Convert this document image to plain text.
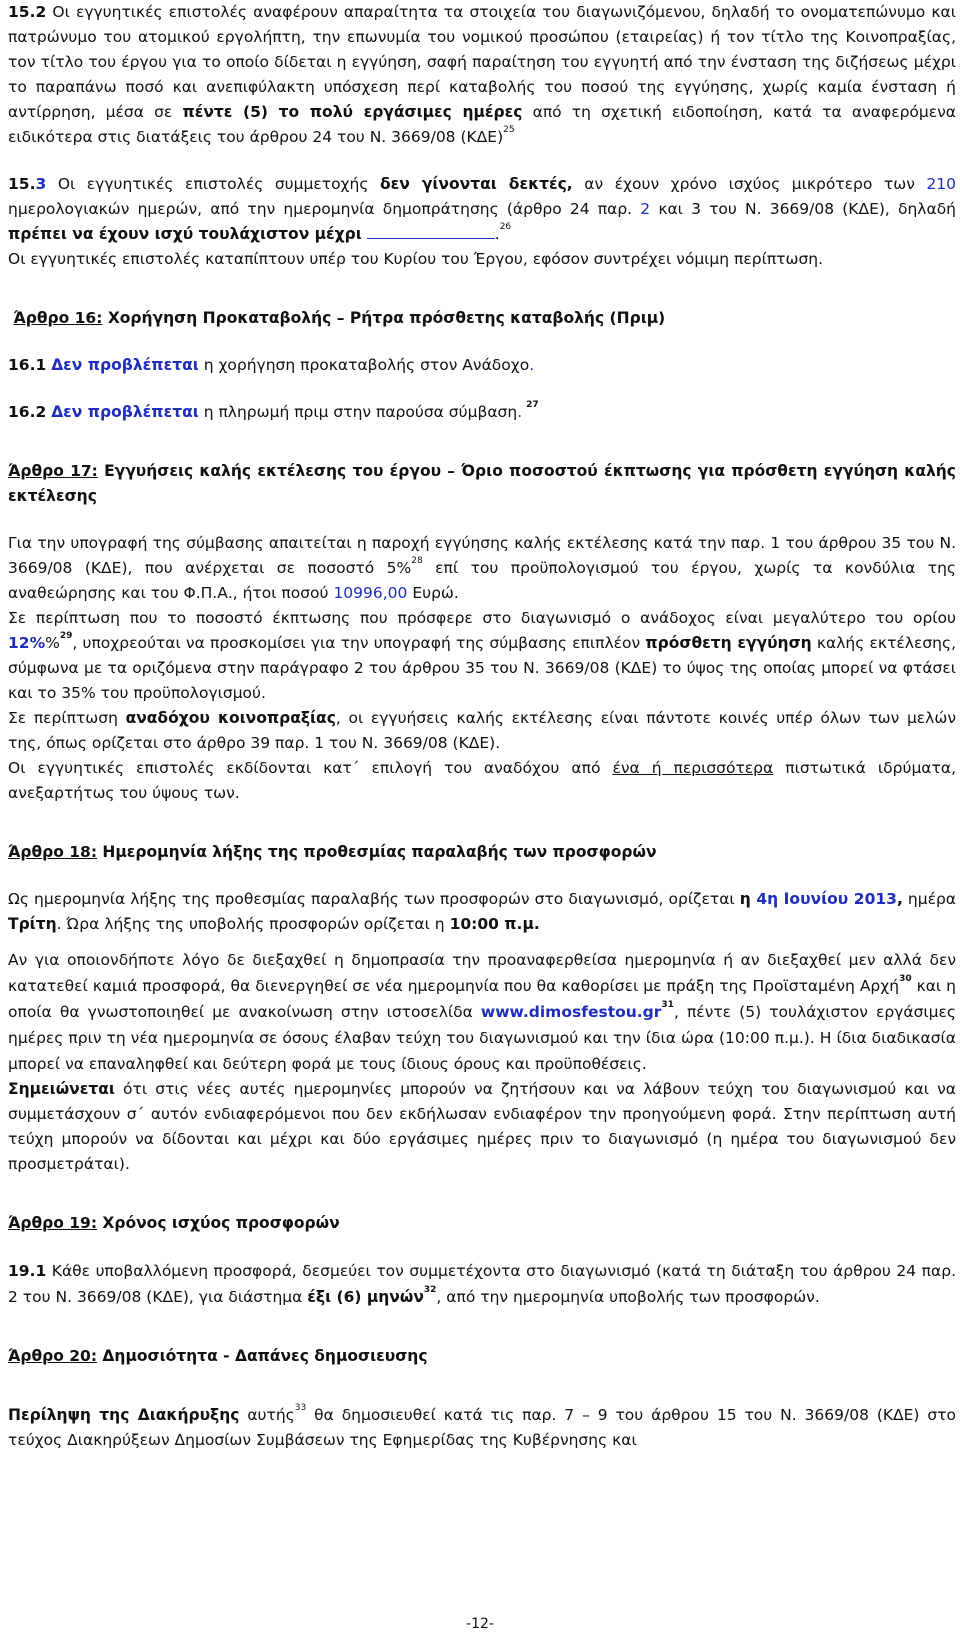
15.2 Οι εγγυητικές επιστολές αναφέρουν απαραίτητα τα στοιχεία του διαγωνιζόμενου, δηλαδή το ονοματεπώνυμο και πατρώνυμο του ατομικού εργολήπτη, την επωνυμία του νομικού προσώπου (εταιρείας) ή τον τίτλο της Κοινοπραξίας, τον τίτλο του έργου για το οποίο δίδεται η εγγύηση, σαφή παραίτηση του εγγυητή από την ένσταση της διζήσεως μέχρι το παραπάνω ποσό και ανεπιφύλακτη υπόσχεση περί καταβολής του ποσού της εγγύησης, χωρίς καμία ένσταση ή αντίρρηση, μέσα σε πέντε (5) το πολύ εργάσιμες ημέρες από τη σχετική ειδοποίηση, κατά τα αναφερόμενα ειδικότερα στις διατάξεις του άρθρου 24 του Ν. 3669/08 $(K\Delta E)^{25}$

15.3 Οι εγγυητικές επιστολές συμμετοχής δεν γίνονται δεκτές, αν έχουν χρόνο ισχύος μικρότερο των 210 ημερολογιακών ημερών, από την ημερομηνία δημοπράτησης (άρθρο 24 παρ. 2 και 3 του Ν. 3669/08 (ΚΔΕ), δηλαδή πρέπει να έχουν ισχύ τουλάχιστον μέχρι	.$^{26}$

Οι εγγυητικές επιστολές καταπίπτουν υπέρ του Κυρίου του Έργου, εφόσον συντρέχει νόμιμη περίπτωση.

Άρθρο 16: Χορήγηση Προκαταβολής – Ρήτρα πρόσθετης καταβολής (Πριμ)

16.1 Δεν προβλέπεται η χορήγηση προκαταβολής στον Ανάδοχο.

16.2 Δεν προβλέπεται η πληρωμή πριμ στην παρούσα σύμβαση. $^{27}$

Άρθρο 17: Εγγυήσεις καλής εκτέλεσης του έργου – Όριο ποσοστού έκπτωσης για πρόσθετη εγγύηση καλής εκτέλεσης

Για την υπογραφή της σύμβασης απαιτείται η παροχή εγγύησης καλής εκτέλεσης κατά την παρ. 1 του άρθρου 35 του Ν. 3669/08 (ΚΔΕ), που ανέρχεται σε ποσοστό 5%$^{28}$ επί του προϋπολογισμού του έργου, χωρίς τα κονδύλια της αναθεώρησης και του Φ.Π.Α., ήτοι ποσού 10996,00 Ευρώ.

Σε περίπτωση που το ποσοστό έκπτωσης που πρόσφερε στο διαγωνισμό ο ανάδοχος είναι μεγαλύτερο του ορίου 12%%$^{29}$, υποχρεούται να προσκομίσει για την υπογραφή της σύμβασης επιπλέον πρόσθετη εγγύηση καλής εκτέλεσης, σύμφωνα με τα οριζόμενα στην παράγραφο 2 του άρθρου 35 του Ν. 3669/08 (ΚΔΕ) το ύψος της οποίας μπορεί να φτάσει και το 35% του προϋπολογισμού.

Σε περίπτωση αναδόχου κοινοπραξίας, οι εγγυήσεις καλής εκτέλεσης είναι πάντοτε κοινές υπέρ όλων των μελών της, όπως ορίζεται στο άρθρο 39 παρ. 1 του Ν. 3669/08 (ΚΔΕ).

Οι εγγυητικές επιστολές εκδίδονται κατ΄ επιλογή του αναδόχου από ένα ή περισσότερα πιστωτικά ιδρύματα, ανεξαρτήτως του ύψους των.

Άρθρο 18: Ημερομηνία λήξης της προθεσμίας παραλαβής των προσφορών

Ως ημερομηνία λήξης της προθεσμίας παραλαβής των προσφορών στο διαγωνισμό, ορίζεται η 4η Ιουνίου 2013, ημέρα Τρίτη. Ώρα λήξης της υποβολής προσφορών ορίζεται η 10:00 π.μ.

Αν για οποιονδήποτε λόγο δε διεξαχθεί η δημοπρασία την προαναφερθείσα ημερομηνία ή αν διεξαχθεί μεν αλλά δεν κατατεθεί καμιά προσφορά, θα διενεργηθεί σε νέα ημερομηνία που θα καθορίσει με πράξη της Προϊσταμένη Αρχή$^{30}$ και η οποία θα γνωστοποιηθεί με ανακοίνωση στην ιστοσελίδα $www.dimosfestou.gr^{31}$, πέντε (5) τουλάχιστον εργάσιμες ημέρες πριν τη νέα ημερομηνία σε όσους έλαβαν τεύχη του διαγωνισμού και την ίδια ώρα (10:00 π.μ.). Η ίδια διαδικασία μπορεί να επαναληφθεί και δεύτερη φορά με τους ίδιους όρους και προϋποθέσεις.

Σημειώνεται ότι στις νέες αυτές ημερομηνίες μπορούν να ζητήσουν και να λάβουν τεύχη του διαγωνισμού και να συμμετάσχουν σ΄ αυτόν ενδιαφερόμενοι που δεν εκδήλωσαν ενδιαφέρον την προηγούμενη φορά. Στην περίπτωση αυτή τεύχη μπορούν να δίδονται και μέχρι και δύο εργάσιμες ημέρες πριν το διαγωνισμό (η ημέρα του διαγωνισμού δεν προσμετράται).

Άρθρο 19: Χρόνος ισχύος προσφορών

19.1 Κάθε υποβαλλόμενη προσφορά, δεσμεύει τον συμμετέχοντα στο διαγωνισμό (κατά τη διάταξη του άρθρου 24 παρ. 2 του Ν. 3669/08 (ΚΔΕ), για διάστημα έξι (6) μηνών$^{32}$, από την ημερομηνία υποβολής των προσφορών.

Άρθρο 20: Δημοσιότητα - Δαπάνες δημοσιευσης

Περίληψη της Διακήρυξης αυτής$^{33}$ θα δημοσιευθεί κατά τις παρ. 7 – 9 του άρθρου 15 του Ν. 3669/08 (ΚΔΕ) στο τεύχος Διακηρύξεων Δημοσίων Συμβάσεων της Εφημερίδας της Κυβέρνησης και

-12-
